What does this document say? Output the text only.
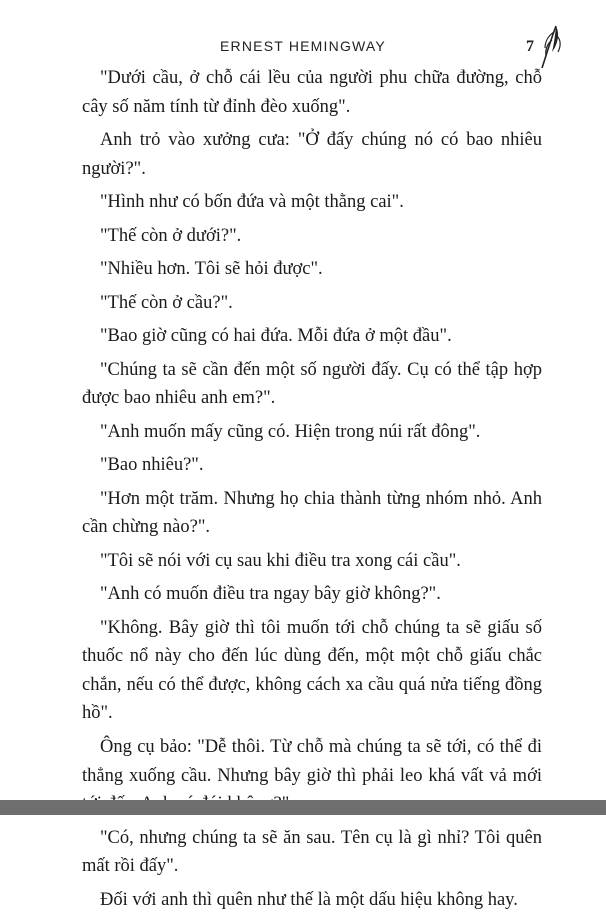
ERNEST HEMINGWAY	7

"Dưới cầu, ở chỗ cái lều của người phu chữa đường, chỗ cây số năm tính từ đỉnh đèo xuống".

Anh trỏ vào xưởng cưa: "Ở đấy chúng nó có bao nhiêu người?".

"Hình như có bốn đứa và một thằng cai".

"Thế còn ở dưới?".

"Nhiều hơn. Tôi sẽ hỏi được".

"Thế còn ở cầu?".

"Bao giờ cũng có hai đứa. Mỗi đứa ở một đầu".

"Chúng ta sẽ cần đến một số người đấy. Cụ có thể tập hợp được bao nhiêu anh em?".

"Anh muốn mấy cũng có. Hiện trong núi rất đông".

"Bao nhiêu?".

"Hơn một trăm. Nhưng họ chia thành từng nhóm nhỏ. Anh cần chừng nào?".

"Tôi sẽ nói với cụ sau khi điều tra xong cái cầu".

"Anh có muốn điều tra ngay bây giờ không?".

"Không. Bây giờ thì tôi muốn tới chỗ chúng ta sẽ giấu số thuốc nổ này cho đến lúc dùng đến, một một chỗ giấu chắc chắn, nếu có thể được, không cách xa cầu quá nửa tiếng đồng hồ".

Ông cụ bảo: "Dễ thôi. Từ chỗ mà chúng ta sẽ tới, có thể đi thẳng xuống cầu. Nhưng bây giờ thì phải leo khá vất vả mới

"Có, nhưng chúng ta sẽ ăn sau. Tên cụ là gì nhỉ? Tôi quên mất rồi đấy".

Đối với anh thì quên như thế là một dấu hiệu không hay.
